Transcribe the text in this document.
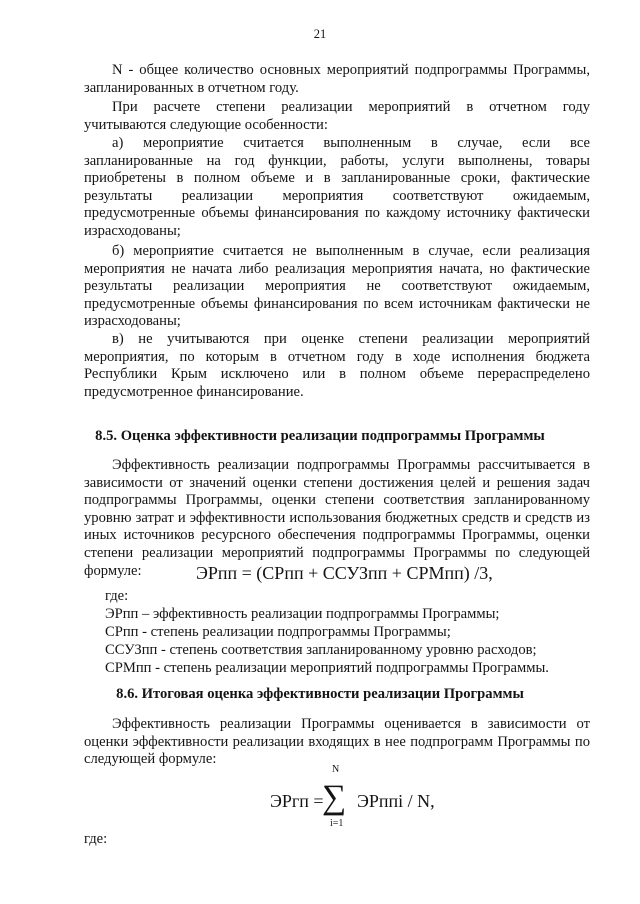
21

N - общее количество основных мероприятий подпрограммы Программы, запланированных в отчетном году.

При расчете степени реализации мероприятий в отчетном году учитываются следующие особенности:

а) мероприятие считается выполненным в случае, если все запланированные на год функции, работы, услуги выполнены, товары приобретены в полном объеме и в запланированные сроки, фактические результаты реализации мероприятия соответствуют ожидаемым, предусмотренные объемы финансирования по каждому источнику фактически израсходованы;

б) мероприятие считается не выполненным в случае, если реализация мероприятия не начата либо реализация мероприятия начата, но фактические результаты реализации мероприятия не соответствуют ожидаемым, предусмотренные объемы финансирования по всем источникам фактически не израсходованы;

в) не учитываются при оценке степени реализации мероприятий мероприятия, по которым в отчетном году в ходе исполнения бюджета Республики Крым исключено или в полном объеме перераспределено предусмотренное финансирование.

8.5. Оценка эффективности реализации подпрограммы Программы

Эффективность реализации подпрограммы Программы рассчитывается в зависимости от значений оценки степени достижения целей и решения задач подпрограммы Программы, оценки степени соответствия запланированному уровню затрат и эффективности использования бюджетных средств и средств из иных источников ресурсного обеспечения подпрограммы Программы, оценки степени реализации мероприятий подпрограммы Программы по следующей формуле:	ЭРпп = (СРпп + ССУЗпп + СРМпп) /3,

где:

ЭРпп – эффективность реализации подпрограммы Программы;

СРпп - степень реализации подпрограммы Программы;

ССУЗпп - степень соответствия запланированному уровню расходов;

СРМпп - степень реализации мероприятий подпрограммы Программы.

8.6. Итоговая оценка эффективности реализации Программы

Эффективность реализации Программы оценивается в зависимости от оценки эффективности реализации входящих в нее подпрограмм Программы по следующей формуле:

ЭРгп =
N
∑
i=1
ЭРппi / N,

где:
